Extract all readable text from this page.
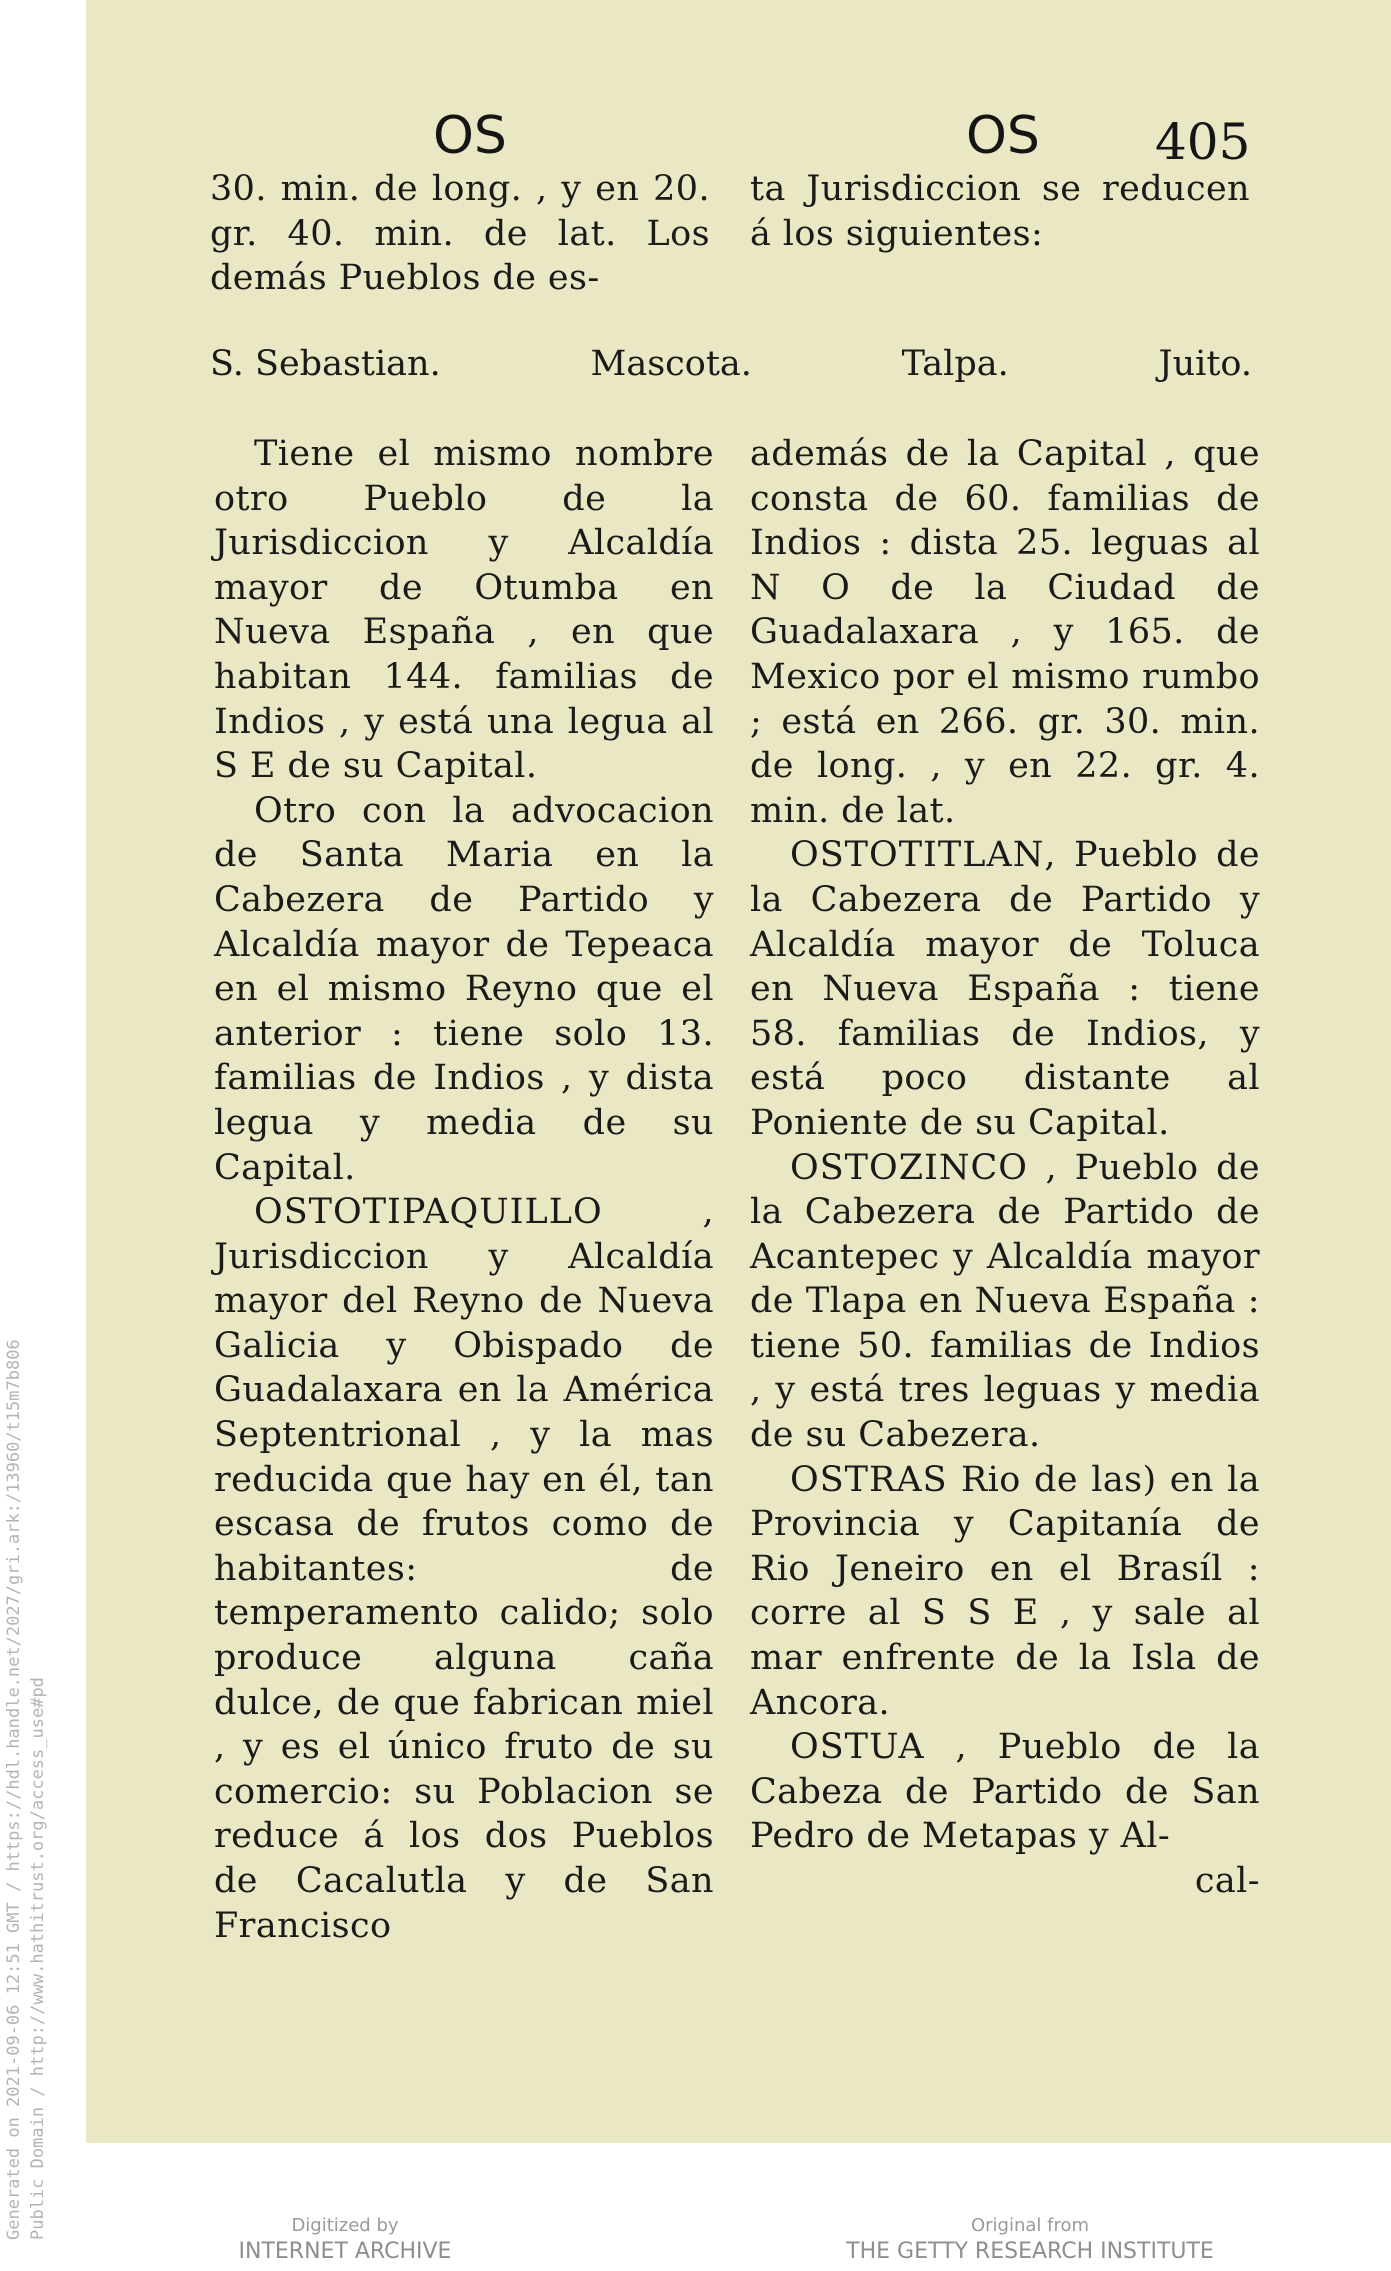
Generated on 2021-09-06 12:51 GMT / https://hdl.handle.net/2027/gri.ark:/13960/t15m7b806 Public Domain / http://www.hathitrust.org/access_use#pd
OS	OS 405

30. min. de long. , y en 20. gr. 40. min. de lat. Los demás Pueblos de es-

ta Jurisdiccion se reducen á los siguientes:

S. Sebastian.	Mascota.	Talpa.	Juito.

Tiene el mismo nombre otro Pueblo de la Jurisdiccion y Alcaldía mayor de Otumba en Nueva España , en que habitan 144. familias de Indios , y está una legua al S E de su Capital.

Otro con la advocacion de Santa Maria en la Cabezera de Partido y Alcaldía mayor de Tepeaca en el mismo Reyno que el anterior : tiene solo 13. familias de Indios , y dista legua y media de su Capital.

OSTOTIPAQUILLO	, Jurisdiccion y Alcaldía mayor del Reyno de Nueva Galicia y Obispado de Guadalaxara en la América Septentrional , y la mas reducida que hay en él, tan escasa de frutos como de habitantes: de temperamento calido; solo produce alguna caña dulce, de que fabrican miel , y es el único fruto de su comercio: su Poblacion se reduce á los dos Pueblos de Cacalutla y de San Francisco

además de la Capital , que consta de 60. familias de Indios : dista 25. leguas al N O de la Ciudad de Guadalaxara , y 165. de Mexico por el mismo rumbo ; está en 266. gr. 30. min. de long. , y en 22. gr. 4. min. de lat.

OSTOTITLAN, Pueblo de la Cabezera de Partido y Alcaldía mayor de Toluca en Nueva España : tiene 58. familias de Indios, y está poco distante al Poniente de su Capital.

OSTOZINCO , Pueblo de la Cabezera de Partido de Acantepec y Alcaldía mayor de Tlapa en Nueva España : tiene 50. familias de Indios , y está tres leguas y media de su Cabezera.

OSTRAS Rio de las) en la Provincia y Capitanía de Rio Jeneiro en el Brasíl : corre al S S E , y sale al mar enfrente de la Isla de Ancora.

OSTUA , Pueblo de la Cabeza de Partido de San Pedro de Metapas y Al-

cal-

Digitized by
INTERNET ARCHIVE
Original from
THE GETTY RESEARCH INSTITUTE
